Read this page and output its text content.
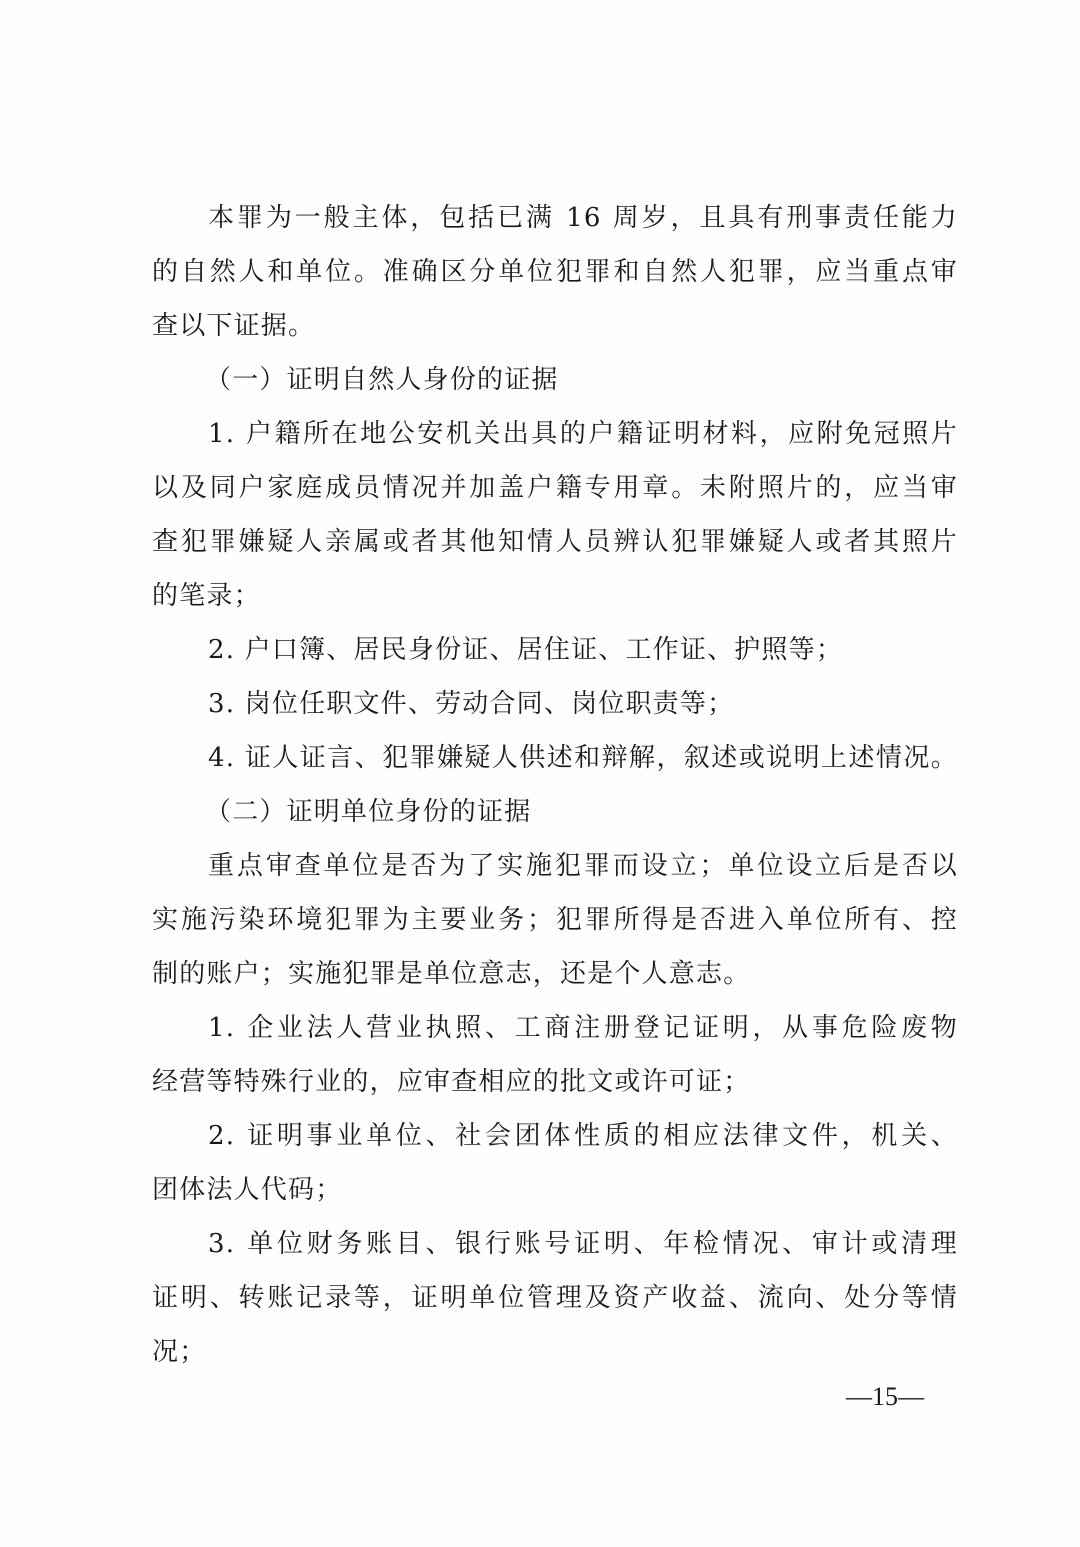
本罪为一般主体，包括已满 16 周岁，且具有刑事责任能力
的自然人和单位。准确区分单位犯罪和自然人犯罪，应当重点审
查以下证据。
（一）证明自然人身份的证据
1. 户籍所在地公安机关出具的户籍证明材料，应附免冠照片
以及同户家庭成员情况并加盖户籍专用章。未附照片的，应当审
查犯罪嫌疑人亲属或者其他知情人员辨认犯罪嫌疑人或者其照片
的笔录；
2. 户口簿、居民身份证、居住证、工作证、护照等；
3. 岗位任职文件、劳动合同、岗位职责等；
4. 证人证言、犯罪嫌疑人供述和辩解，叙述或说明上述情况。
（二）证明单位身份的证据
重点审查单位是否为了实施犯罪而设立；单位设立后是否以
实施污染环境犯罪为主要业务；犯罪所得是否进入单位所有、控
制的账户；实施犯罪是单位意志，还是个人意志。
1. 企业法人营业执照、工商注册登记证明，从事危险废物
经营等特殊行业的，应审查相应的批文或许可证；
2. 证明事业单位、社会团体性质的相应法律文件，机关、
团体法人代码；
3. 单位财务账目、银行账号证明、年检情况、审计或清理
证明、转账记录等，证明单位管理及资产收益、流向、处分等情
况；
—15—
